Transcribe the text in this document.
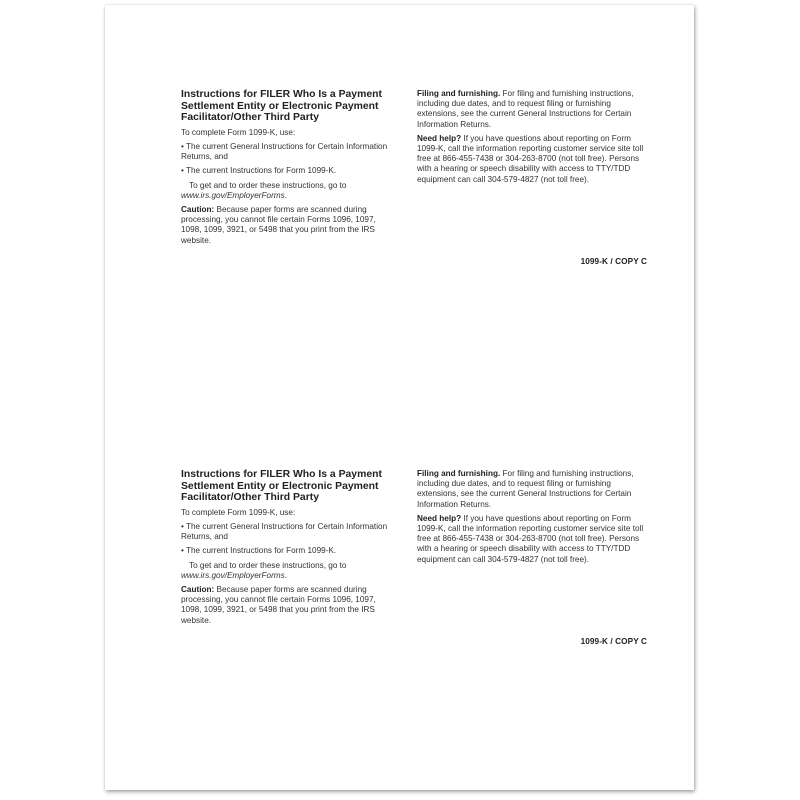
Instructions for FILER Who Is a Payment Settlement Entity or Electronic Payment Facilitator/Other Third Party

To complete Form 1099-K, use:

• The current General Instructions for Certain Information Returns, and

• The current Instructions for Form 1099-K.

To get and to order these instructions, go to www.irs.gov/EmployerForms.

Caution: Because paper forms are scanned during processing, you cannot file certain Forms 1096, 1097, 1098, 1099, 3921, or 5498 that you print from the IRS website.

Filing and furnishing. For filing and furnishing instructions, including due dates, and to request filing or furnishing extensions, see the current General Instructions for Certain Information Returns.

Need help? If you have questions about reporting on Form 1099-K, call the information reporting customer service site toll free at 866-455-7438 or 304-263-8700 (not toll free). Persons with a hearing or speech disability with access to TTY/TDD equipment can call 304-579-4827 (not toll free).

1099-K / COPY C
Instructions for FILER Who Is a Payment Settlement Entity or Electronic Payment Facilitator/Other Third Party

To complete Form 1099-K, use:

• The current General Instructions for Certain Information Returns, and

• The current Instructions for Form 1099-K.

To get and to order these instructions, go to www.irs.gov/EmployerForms.

Caution: Because paper forms are scanned during processing, you cannot file certain Forms 1096, 1097, 1098, 1099, 3921, or 5498 that you print from the IRS website.

Filing and furnishing. For filing and furnishing instructions, including due dates, and to request filing or furnishing extensions, see the current General Instructions for Certain Information Returns.

Need help? If you have questions about reporting on Form 1099-K, call the information reporting customer service site toll free at 866-455-7438 or 304-263-8700 (not toll free). Persons with a hearing or speech disability with access to TTY/TDD equipment can call 304-579-4827 (not toll free).

1099-K / COPY C
